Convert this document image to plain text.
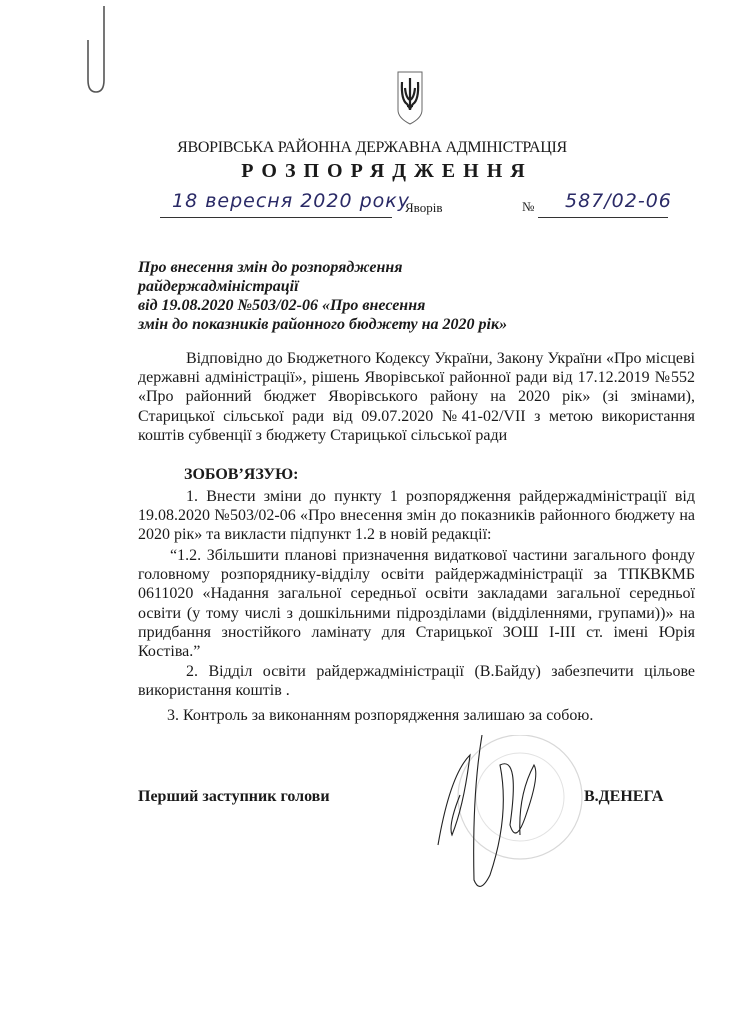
ЯВОРІВСЬКА РАЙОННА ДЕРЖАВНА АДМІНІСТРАЦІЯ
РОЗПОРЯДЖЕННЯ
18 вересня 2020 року
Яворів	№ 587/02-06
Про внесення змін до розпорядження
райдержадміністрації
від 19.08.2020 №503/02-06 «Про внесення
змін до показників районного бюджету на 2020 рік»
Відповідно до Бюджетного Кодексу України, Закону України «Про місцеві державні адміністрації», рішень Яворівської районної ради від 17.12.2019 №552 «Про районний бюджет Яворівського району на 2020 рік» (зі змінами), Старицької сільської ради від 09.07.2020 №41-02/VII з метою використання коштів субвенції з бюджету Старицької сільської ради
ЗОБОВ’ЯЗУЮ:
1. Внести зміни до пункту 1 розпорядження райдержадміністрації від 19.08.2020 №503/02-06 «Про внесення змін до показників районного бюджету на 2020 рік» та викласти підпункт 1.2 в новій редакції:
“1.2. Збільшити планові призначення видаткової частини загального фонду головному розпоряднику-відділу освіти райдержадміністрації за ТПКВКМБ 0611020 «Надання загальної середньої освіти закладами загальної середньої освіти (у тому числі з дошкільними підрозділами (відділеннями, групами))» на придбання зностійкого ламінату для Старицької ЗОШ І-ІІІ ст. імені Юрія Костіва.”
2. Відділ освіти райдержадміністрації (В.Байду) забезпечити цільове використання коштів .
3. Контроль за виконанням розпорядження залишаю за собою.
Перший заступник голови	В.ДЕНЕГА
